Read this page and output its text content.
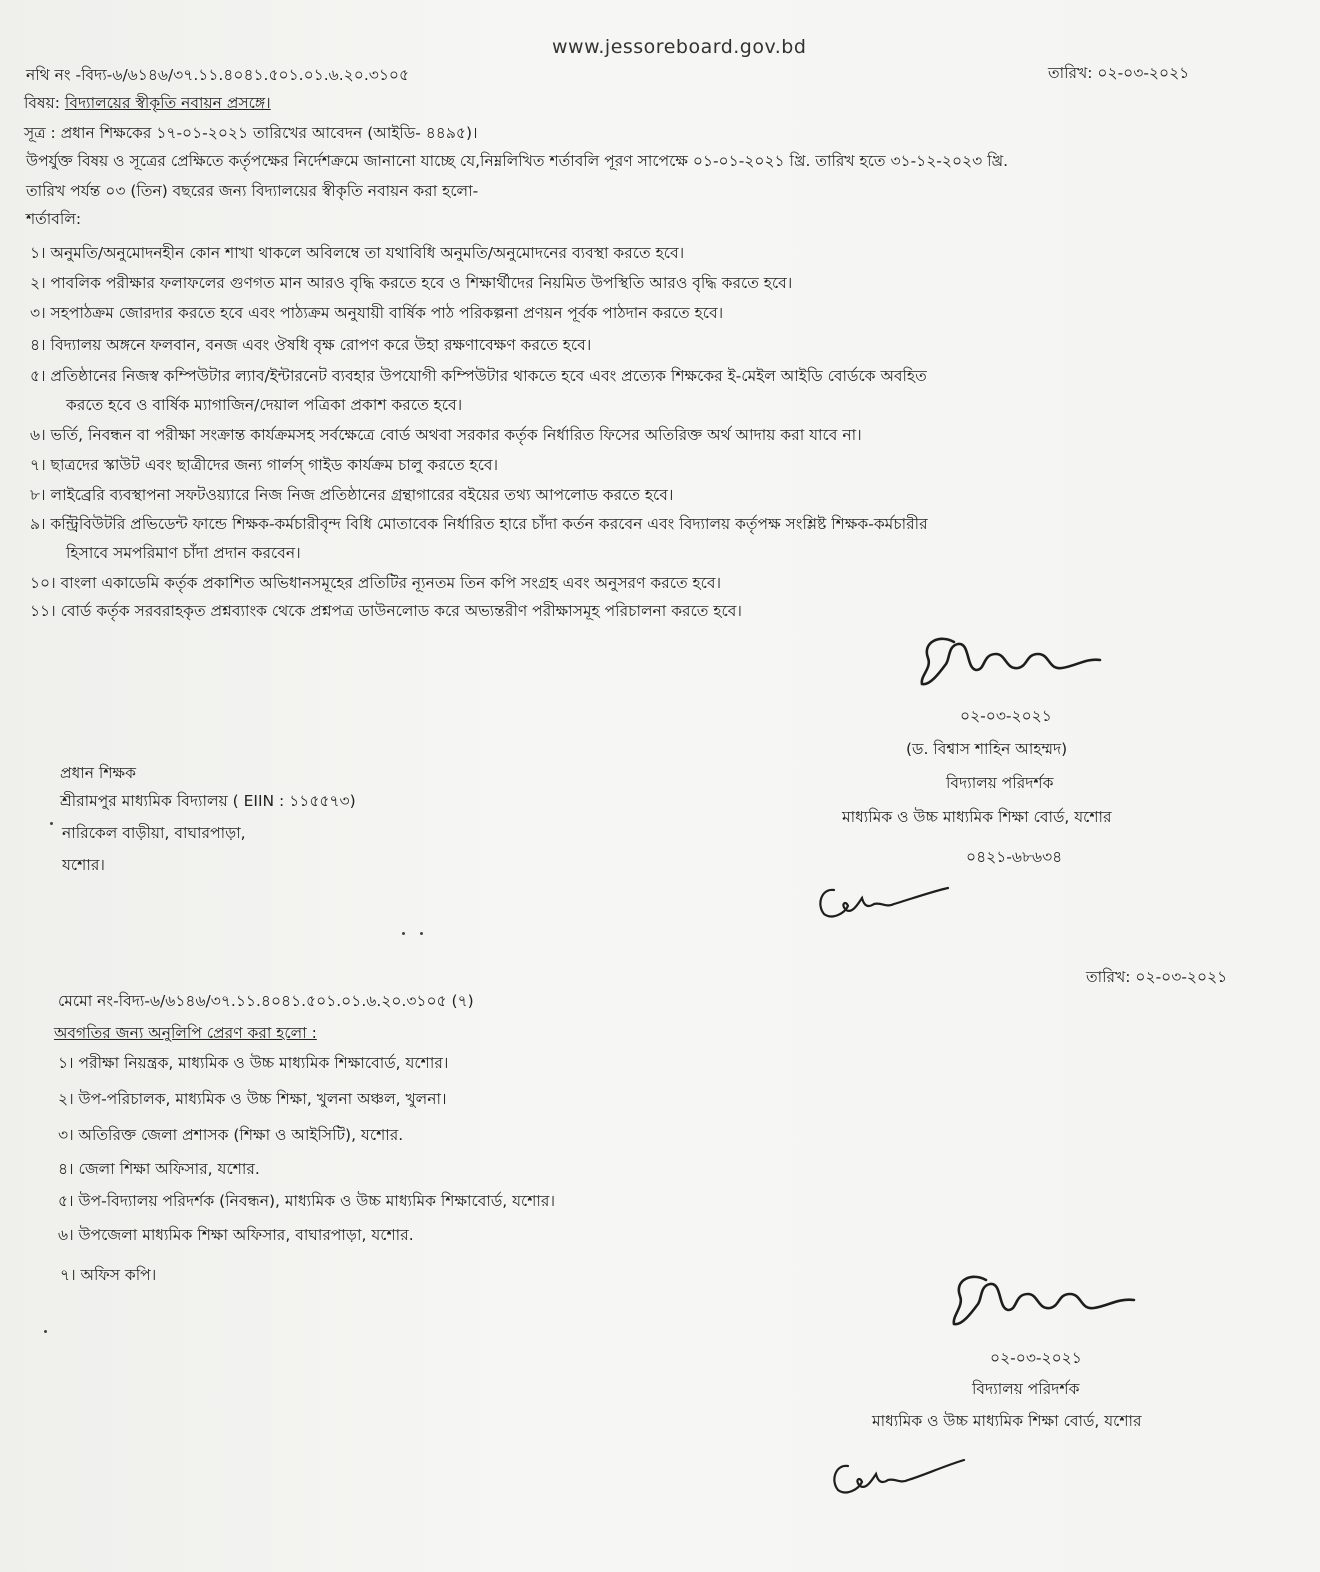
www.jessoreboard.gov.bd
নথি নং -বিদ্য-৬/৬১৪৬/৩৭.১১.৪০৪১.৫০১.০১.৬.২০.৩১০৫	তারিখ: ০২-০৩-২০২১
বিষয়: বিদ্যালয়ের স্বীকৃতি নবায়ন প্রসঙ্গে।
সূত্র : প্রধান শিক্ষকের ১৭-০১-২০২১ তারিখের আবেদন (আইডি- ৪৪৯৫)।
উপর্যুক্ত বিষয় ও সূত্রের প্রেক্ষিতে কর্তৃপক্ষের নির্দেশক্রমে জানানো যাচ্ছে যে,নিম্নলিখিত শর্তাবলি পূরণ সাপেক্ষে ০১-০১-২০২১ খ্রি. তারিখ হতে ৩১-১২-২০২৩ খ্রি.
তারিখ পর্যন্ত ০৩ (তিন) বছরের জন্য বিদ্যালয়ের স্বীকৃতি নবায়ন করা হলো-
শর্তাবলি:
১। অনুমতি/অনুমোদনহীন কোন শাখা থাকলে অবিলম্বে তা যথাবিধি অনুমতি/অনুমোদনের ব্যবস্থা করতে হবে।
২। পাবলিক পরীক্ষার ফলাফলের গুণগত মান আরও বৃদ্ধি করতে হবে ও শিক্ষার্থীদের নিয়মিত উপস্থিতি আরও বৃদ্ধি করতে হবে।
৩। সহপাঠক্রম জোরদার করতে হবে এবং পাঠ্যক্রম অনুযায়ী বার্ষিক পাঠ পরিকল্পনা প্রণয়ন পূর্বক পাঠদান করতে হবে।
৪। বিদ্যালয় অঙ্গনে ফলবান, বনজ এবং ঔষধি বৃক্ষ রোপণ করে উহা রক্ষণাবেক্ষণ করতে হবে।
৫। প্রতিষ্ঠানের নিজস্ব কম্পিউটার ল্যাব/ইন্টারনেট ব্যবহার উপযোগী কম্পিউটার থাকতে হবে এবং প্রত্যেক শিক্ষকের ই-মেইল আইডি বোর্ডকে অবহিত
করতে হবে ও বার্ষিক ম্যাগাজিন/দেয়াল পত্রিকা প্রকাশ করতে হবে।
৬। ভর্তি, নিবন্ধন বা পরীক্ষা সংক্রান্ত কার্যক্রমসহ সর্বক্ষেত্রে বোর্ড অথবা সরকার কর্তৃক নির্ধারিত ফিসের অতিরিক্ত অর্থ আদায় করা যাবে না।
৭। ছাত্রদের স্কাউট এবং ছাত্রীদের জন্য গার্লস্ গাইড কার্যক্রম চালু করতে হবে।
৮। লাইব্রেরি ব্যবস্থাপনা সফটওয়্যারে নিজ নিজ প্রতিষ্ঠানের গ্রন্থাগারের বইয়ের তথ্য আপলোড করতে হবে।
৯। কন্ট্রিবিউটরি প্রভিডেন্ট ফান্ডে শিক্ষক-কর্মচারীবৃন্দ বিধি মোতাবেক নির্ধারিত হারে চাঁদা কর্তন করবেন এবং বিদ্যালয় কর্তৃপক্ষ সংশ্লিষ্ট শিক্ষক-কর্মচারীর
হিসাবে সমপরিমাণ চাঁদা প্রদান করবেন।
১০। বাংলা একাডেমি কর্তৃক প্রকাশিত অভিধানসমূহের প্রতিটির ন্যূনতম তিন কপি সংগ্রহ এবং অনুসরণ করতে হবে।
১১। বোর্ড কর্তৃক সরবরাহকৃত প্রশ্নব্যাংক থেকে প্রশ্নপত্র ডাউনলোড করে অভ্যন্তরীণ পরীক্ষাসমূহ পরিচালনা করতে হবে।
০২-০৩-২০২১
(ড. বিশ্বাস শাহিন আহম্মদ)
বিদ্যালয় পরিদর্শক
মাধ্যমিক ও উচ্চ মাধ্যমিক শিক্ষা বোর্ড, যশোর
০৪২১-৬৮৬৩৪
প্রধান শিক্ষক
শ্রীরামপুর মাধ্যমিক বিদ্যালয় ( EIIN : ১১৫৫৭৩)
নারিকেল বাড়ীয়া, বাঘারপাড়া,
যশোর।
তারিখ: ০২-০৩-২০২১
মেমো নং-বিদ্য-৬/৬১৪৬/৩৭.১১.৪০৪১.৫০১.০১.৬.২০.৩১০৫ (৭)
অবগতির জন্য অনুলিপি প্রেরণ করা হলো :
১। পরীক্ষা নিয়ন্ত্রক, মাধ্যমিক ও উচ্চ মাধ্যমিক শিক্ষাবোর্ড, যশোর।
২। উপ-পরিচালক, মাধ্যমিক ও উচ্চ শিক্ষা, খুলনা অঞ্চল, খুলনা।
৩। অতিরিক্ত জেলা প্রশাসক (শিক্ষা ও আইসিটি), যশোর.
৪। জেলা শিক্ষা অফিসার, যশোর.
৫। উপ-বিদ্যালয় পরিদর্শক (নিবন্ধন), মাধ্যমিক ও উচ্চ মাধ্যমিক শিক্ষাবোর্ড, যশোর।
৬। উপজেলা মাধ্যমিক শিক্ষা অফিসার, বাঘারপাড়া, যশোর.
৭। অফিস কপি।
০২-০৩-২০২১
বিদ্যালয় পরিদর্শক
মাধ্যমিক ও উচ্চ মাধ্যমিক শিক্ষা বোর্ড, যশোর
